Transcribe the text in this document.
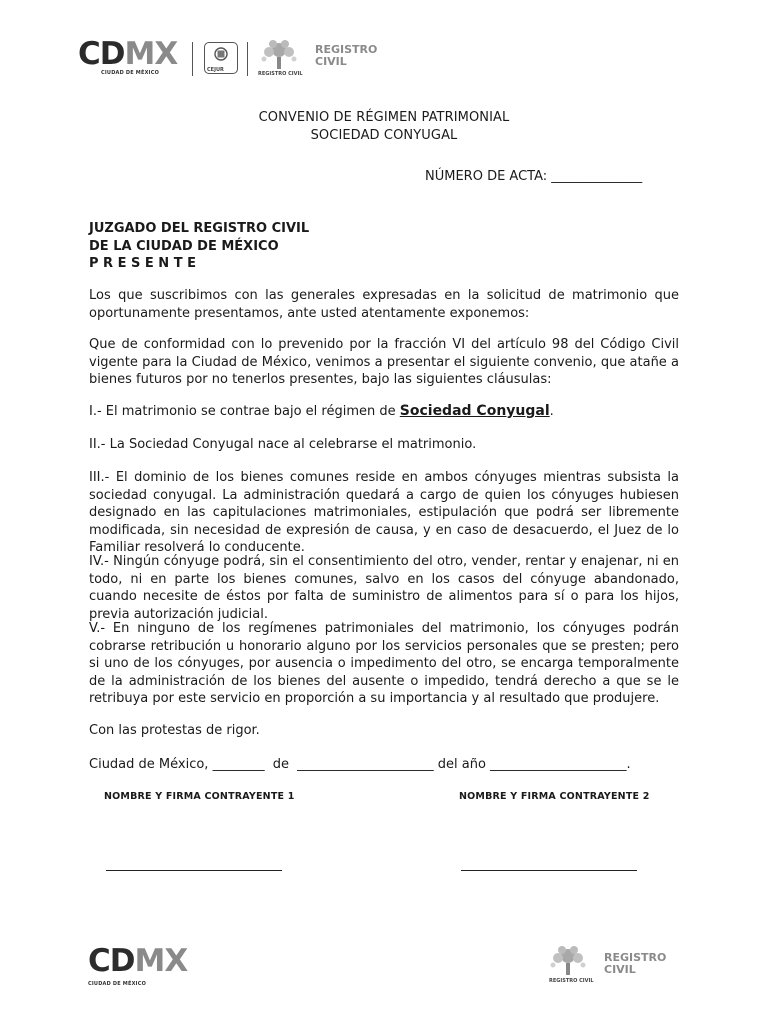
CDMX
CIUDAD DE MÉXICO	CEJUR
REGISTRO CIVIL
REGISTRO
CIVIL
CONVENIO DE RÉGIMEN PATRIMONIAL
SOCIEDAD CONYUGAL
NÚMERO DE ACTA: ______________
JUZGADO DEL REGISTRO CIVIL
DE LA CIUDAD DE MÉXICO
P R E S E N T E
Los que suscribimos con las generales expresadas en la solicitud de matrimonio que oportunamente presentamos, ante usted atentamente exponemos:
Que de conformidad con lo prevenido por la fracción VI del artículo 98 del Código Civil vigente para la Ciudad de México, venimos a presentar el siguiente convenio, que atañe a bienes futuros por no tenerlos presentes, bajo las siguientes cláusulas:
I.- El matrimonio se contrae bajo el régimen de Sociedad Conyugal.
II.- La Sociedad Conyugal nace al celebrarse el matrimonio.
III.- El dominio de los bienes comunes reside en ambos cónyuges mientras subsista la sociedad conyugal. La administración quedará a cargo de quien los cónyuges hubiesen designado en las capitulaciones matrimoniales, estipulación que podrá ser libremente modificada, sin necesidad de expresión de causa, y en caso de desacuerdo, el Juez de lo Familiar resolverá lo conducente.
IV.- Ningún cónyuge podrá, sin el consentimiento del otro, vender, rentar y enajenar, ni en todo, ni en parte los bienes comunes, salvo en los casos del cónyuge abandonado, cuando necesite de éstos por falta de suministro de alimentos para sí o para los hijos, previa autorización judicial.
V.- En ninguno de los regímenes patrimoniales del matrimonio, los cónyuges podrán cobrarse retribución u honorario alguno por los servicios personales que se presten; pero si uno de los cónyuges, por ausencia o impedimento del otro, se encarga temporalmente de la administración de los bienes del ausente o impedido, tendrá derecho a que se le retribuya por este servicio en proporción a su importancia y al resultado que produjere.
Con las protestas de rigor.
Ciudad de México, ________ de _____________________ del año _____________________.
NOMBRE Y FIRMA CONTRAYENTE 1	NOMBRE Y FIRMA CONTRAYENTE 2
CDMX
CIUDAD DE MÉXICO	REGISTRO CIVIL
REGISTRO
CIVIL
